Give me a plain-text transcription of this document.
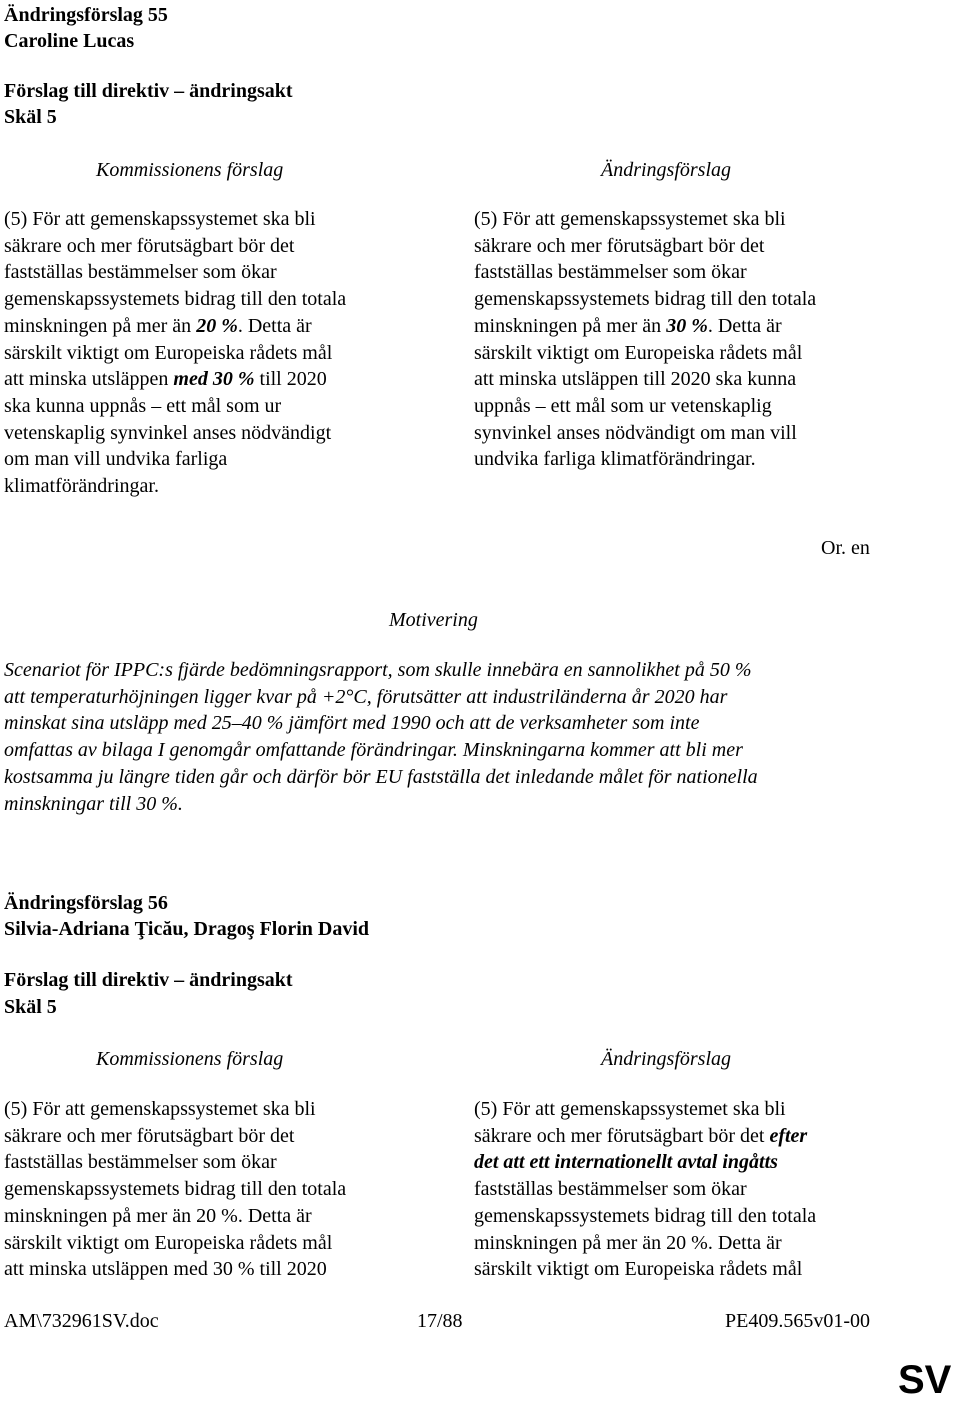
Ändringsförslag 55
Caroline Lucas
Förslag till direktiv – ändringsakt
Skäl 5
Kommissionens förslag	Ändringsförslag
(5) För att gemenskapssystemet ska bli
säkrare och mer förutsägbart bör det
fastställas bestämmelser som ökar
gemenskapssystemets bidrag till den totala
minskningen på mer än 20 %. Detta är
särskilt viktigt om Europeiska rådets mål
att minska utsläppen med 30 % till 2020
ska kunna uppnås – ett mål som ur
vetenskaplig synvinkel anses nödvändigt
om man vill undvika farliga
klimatförändringar.
(5) För att gemenskapssystemet ska bli
säkrare och mer förutsägbart bör det
fastställas bestämmelser som ökar
gemenskapssystemets bidrag till den totala
minskningen på mer än 30 %. Detta är
särskilt viktigt om Europeiska rådets mål
att minska utsläppen till 2020 ska kunna
uppnås – ett mål som ur vetenskaplig
synvinkel anses nödvändigt om man vill
undvika farliga klimatförändringar.
Or. en
Motivering
Scenariot för IPPC:s fjärde bedömningsrapport, som skulle innebära en sannolikhet på 50 %
att temperaturhöjningen ligger kvar på +2°C, förutsätter att industriländerna år 2020 har
minskat sina utsläpp med 25–40 % jämfört med 1990 och att de verksamheter som inte
omfattas av bilaga I genomgår omfattande förändringar. Minskningarna kommer att bli mer
kostsamma ju längre tiden går och därför bör EU fastställa det inledande målet för nationella
minskningar till 30 %.
Ändringsförslag 56
Silvia-Adriana Ţicău, Dragoş Florin David
Förslag till direktiv – ändringsakt
Skäl 5
Kommissionens förslag	Ändringsförslag
(5) För att gemenskapssystemet ska bli
säkrare och mer förutsägbart bör det
fastställas bestämmelser som ökar
gemenskapssystemets bidrag till den totala
minskningen på mer än 20 %. Detta är
särskilt viktigt om Europeiska rådets mål
att minska utsläppen med 30 % till 2020
(5) För att gemenskapssystemet ska bli
säkrare och mer förutsägbart bör det efter
det att ett internationellt avtal ingåtts
fastställas bestämmelser som ökar
gemenskapssystemets bidrag till den totala
minskningen på mer än 20 %. Detta är
särskilt viktigt om Europeiska rådets mål
AM\732961SV.doc	17/88	PE409.565v01-00
SV
